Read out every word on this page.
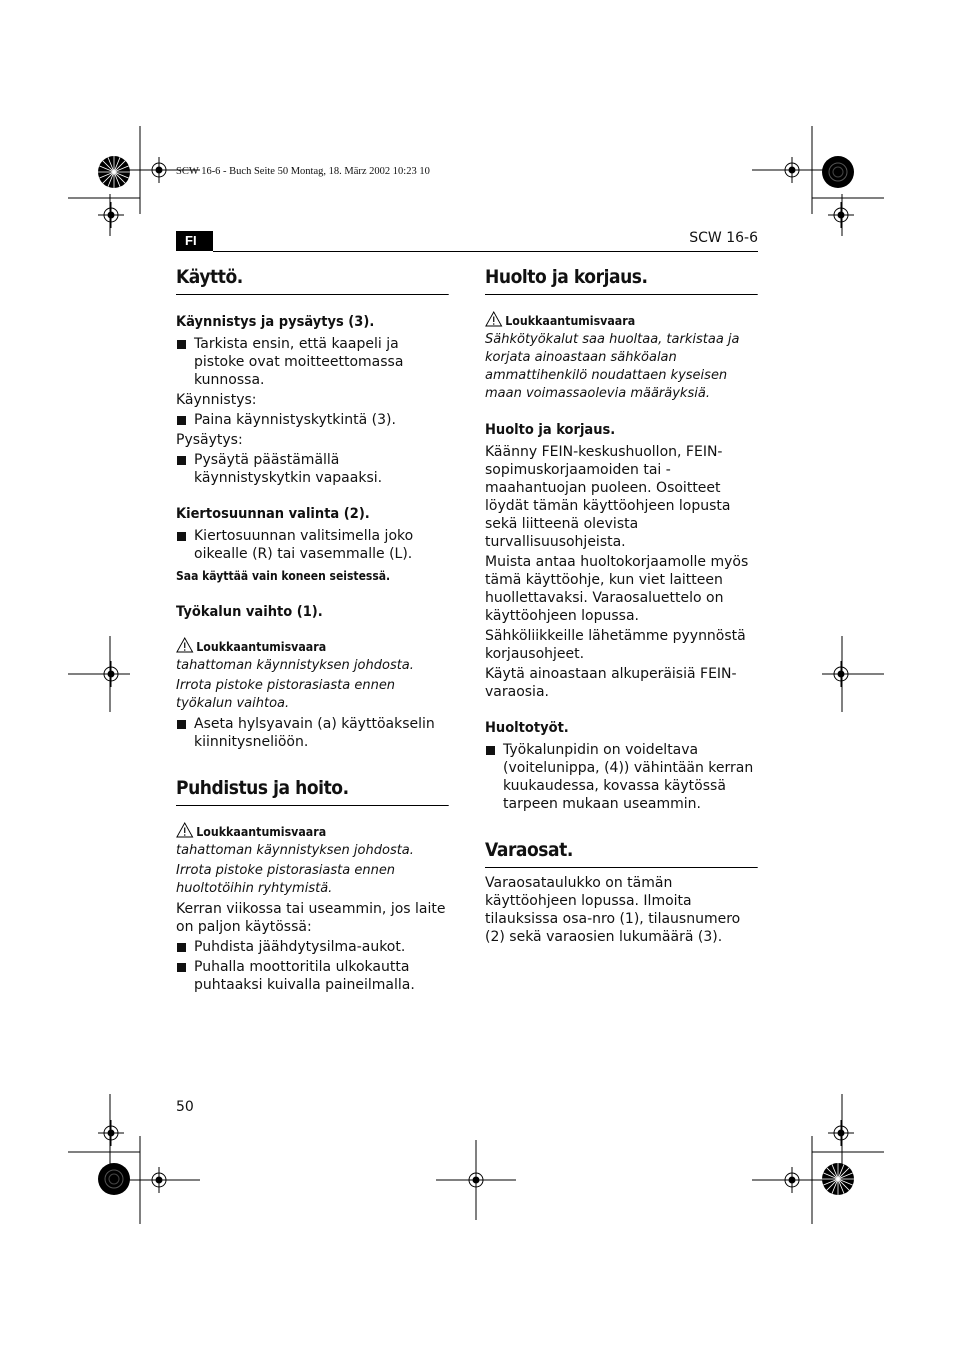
SCW 16-6 - Buch Seite 50 Montag, 18. März 2002 10:23 10
FI	SCW 16-6
Käyttö.
Käynnistys ja pysäytys (3).
Tarkista ensin, että kaapeli ja pistoke ovat moitteettomassa kunnossa.

Käynnistys:

Paina käynnistyskytkintä (3).

Pysäytys:

Pysäytä päästämällä käynnistyskytkin vapaaksi.
Kiertosuunnan valinta (2).
Kiertosuunnan valitsimella joko oikealle (R) tai vasemmalle (L).

Saa käyttää vain koneen seistessä.

Työkalun vaihto (1).
Loukkaantumisvaara

tahattoman käynnistyksen johdosta.

Irrota pistoke pistorasiasta ennen työkalun vaihtoa.

Aseta hylsyavain (a) käyttöakselin kiinnitysneliöön.
Puhdistus ja hoito.
Loukkaantumisvaara

tahattoman käynnistyksen johdosta.

Irrota pistoke pistorasiasta ennen huoltotöihin ryhtymistä.

Kerran viikossa tai useammin, jos laite on paljon käytössä:

Puhdista jäähdytysilma-aukot.
Puhalla moottoritila ulkokautta puhtaaksi kuivalla paineilmalla.
Huolto ja korjaus.
Loukkaantumisvaara

Sähkötyökalut saa huoltaa, tarkistaa ja korjata ainoastaan sähköalan ammattihenkilö noudattaen kyseisen maan voimassaolevia määräyksiä.

Huolto ja korjaus.

Käänny FEIN-keskushuollon, FEIN-sopimuskorjaamoiden tai -maahantuojan puoleen. Osoitteet löydät tämän käyttöohjeen lopusta sekä liitteenä olevista turvallisuusohjeista.

Muista antaa huoltokorjaamolle myös tämä käyttöohje, kun viet laitteen huollettavaksi. Varaosaluettelo on käyttöohjeen lopussa.

Sähköliikkeille lähetämme pyynnöstä korjausohjeet.

Käytä ainoastaan alkuperäisiä FEIN-varaosia.

Huoltotyöt.
Työkalunpidin on voideltava (voitelunippa, (4)) vähintään kerran kuukaudessa, kovassa käytössä tarpeen mukaan useammin.
Varaosat.

Varaosataulukko on tämän käyttöohjeen lopussa. Ilmoita tilauksissa osa-nro (1), tilausnumero (2) sekä varaosien lukumäärä (3).

50
